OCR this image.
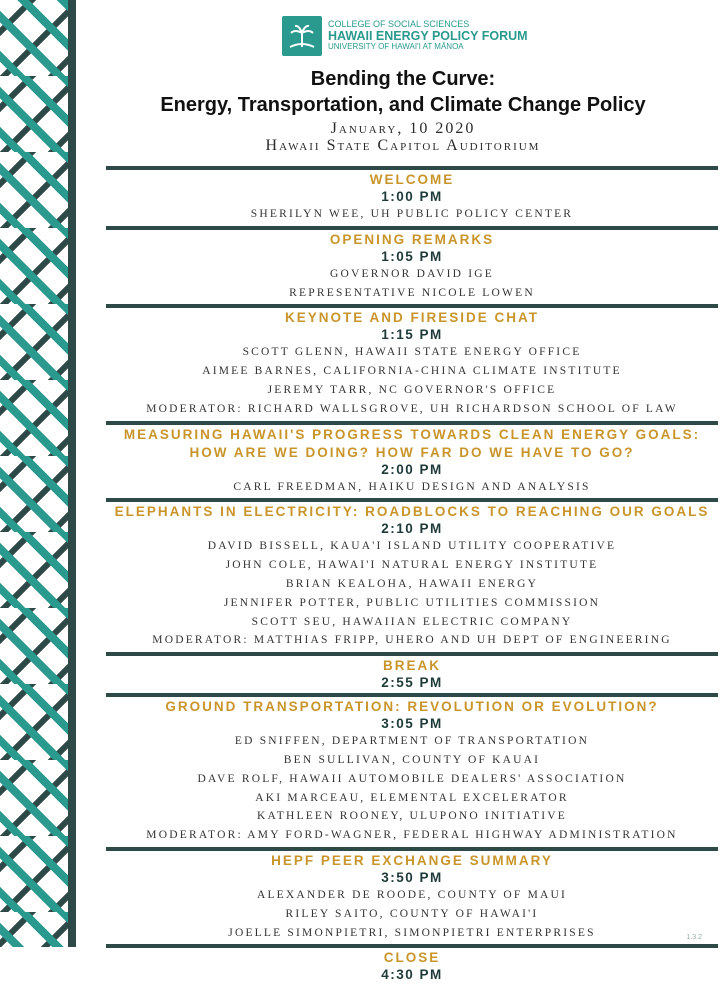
COLLEGE OF SOCIAL SCIENCES
HAWAII ENERGY POLICY FORUM
UNIVERSITY OF HAWAI'I AT MĀNOA
Bending the Curve:
Energy, Transportation, and Climate Change Policy
January, 10 2020
Hawaii State Capitol Auditorium
WELCOME
1:00 PM
SHERILYN WEE, UH PUBLIC POLICY CENTER
OPENING REMARKS
1:05 PM
GOVERNOR DAVID IGE
REPRESENTATIVE NICOLE LOWEN
KEYNOTE AND FIRESIDE CHAT
1:15 PM
SCOTT GLENN, HAWAII STATE ENERGY OFFICE
AIMEE BARNES, CALIFORNIA-CHINA CLIMATE INSTITUTE
JEREMY TARR, NC GOVERNOR'S OFFICE
MODERATOR: RICHARD WALLSGROVE, UH RICHARDSON SCHOOL OF LAW
MEASURING HAWAII'S PROGRESS TOWARDS CLEAN ENERGY GOALS: HOW ARE WE DOING? HOW FAR DO WE HAVE TO GO?
2:00 PM
CARL FREEDMAN, HAIKU DESIGN AND ANALYSIS
ELEPHANTS IN ELECTRICITY: ROADBLOCKS TO REACHING OUR GOALS
2:10 PM
DAVID BISSELL, KAUA'I ISLAND UTILITY COOPERATIVE
JOHN COLE, HAWAI'I NATURAL ENERGY INSTITUTE
BRIAN KEALOHA, HAWAII ENERGY
JENNIFER POTTER, PUBLIC UTILITIES COMMISSION
SCOTT SEU, HAWAIIAN ELECTRIC COMPANY
MODERATOR: MATTHIAS FRIPP, UHERO AND UH DEPT OF ENGINEERING
BREAK
2:55 PM
GROUND TRANSPORTATION: REVOLUTION OR EVOLUTION?
3:05 PM
ED SNIFFEN, DEPARTMENT OF TRANSPORTATION
BEN SULLIVAN, COUNTY OF KAUAI
DAVE ROLF, HAWAII AUTOMOBILE DEALERS' ASSOCIATION
AKI MARCEAU, ELEMENTAL EXCELERATOR
KATHLEEN ROONEY, ULUPONO INITIATIVE
MODERATOR: AMY FORD-WAGNER, FEDERAL HIGHWAY ADMINISTRATION
HEPF PEER EXCHANGE SUMMARY
3:50 PM
ALEXANDER DE ROODE, COUNTY OF MAUI
RILEY SAITO, COUNTY OF HAWAI'I
JOELLE SIMONPIETRI, SIMONPIETRI ENTERPRISES
CLOSE
4:30 PM
1.3.2
